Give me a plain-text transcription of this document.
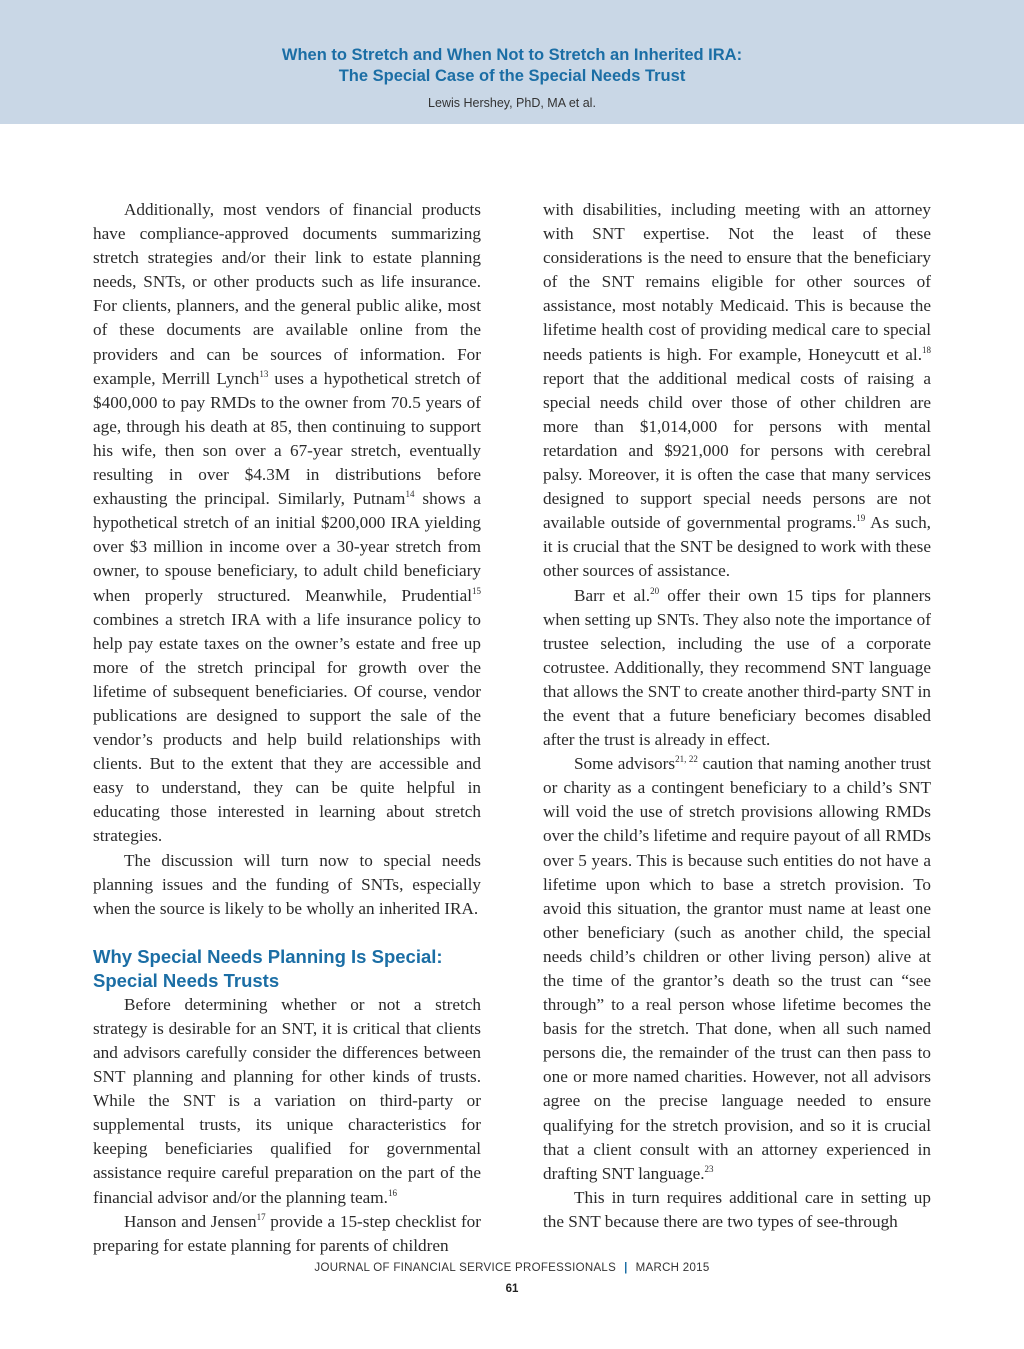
When to Stretch and When Not to Stretch an Inherited IRA:
The Special Case of the Special Needs Trust
Lewis Hershey, PhD, MA et al.

Additionally, most vendors of financial products have compliance-approved documents summarizing stretch strategies and/or their link to estate planning needs, SNTs, or other products such as life insurance. For clients, planners, and the general public alike, most of these documents are available online from the providers and can be sources of information. For example, Merrill Lynch$^{13}$ uses a hypothetical stretch of $400,000 to pay RMDs to the owner from 70.5 years of age, through his death at 85, then continuing to support his wife, then son over a 67-year stretch, eventually resulting in over $4.3M in distributions before exhausting the principal. Similarly, Putnam$^{14}$ shows a hypothetical stretch of an initial $200,000 IRA yielding over $3 million in income over a 30-year stretch from owner, to spouse beneficiary, to adult child beneficiary when properly structured. Meanwhile, Prudential$^{15}$ combines a stretch IRA with a life insurance policy to help pay estate taxes on the owner’s estate and free up more of the stretch principal for growth over the lifetime of subsequent beneficiaries. Of course, vendor publications are designed to support the sale of the vendor’s products and help build relationships with clients. But to the extent that they are accessible and easy to understand, they can be quite helpful in educating those interested in learning about stretch strategies.

The discussion will turn now to special needs planning issues and the funding of SNTs, especially when the source is likely to be wholly an inherited IRA.

Why Special Needs Planning Is Special:
Special Needs Trusts

Before determining whether or not a stretch strategy is desirable for an SNT, it is critical that clients and advisors carefully consider the differences between SNT planning and planning for other kinds of trusts. While the SNT is a variation on third-party or supplemental trusts, its unique characteristics for keeping beneficiaries qualified for governmental assistance require careful preparation on the part of the financial advisor and/or the planning team.$^{16}$

Hanson and Jensen$^{17}$ provide a 15-step checklist for preparing for estate planning for parents of children

with disabilities, including meeting with an attorney with SNT expertise. Not the least of these considerations is the need to ensure that the beneficiary of the SNT remains eligible for other sources of assistance, most notably Medicaid. This is because the lifetime health cost of providing medical care to special needs patients is high. For example, Honeycutt et al.$^{18}$ report that the additional medical costs of raising a special needs child over those of other children are more than $1,014,000 for persons with mental retardation and $921,000 for persons with cerebral palsy. Moreover, it is often the case that many services designed to support special needs persons are not available outside of governmental programs.$^{19}$ As such, it is crucial that the SNT be designed to work with these other sources of assistance.

Barr et al.$^{20}$ offer their own 15 tips for planners when setting up SNTs. They also note the importance of trustee selection, including the use of a corporate cotrustee. Additionally, they recommend SNT language that allows the SNT to create another third-party SNT in the event that a future beneficiary becomes disabled after the trust is already in effect.

Some advisors$^{21, 22}$ caution that naming another trust or charity as a contingent beneficiary to a child’s SNT will void the use of stretch provisions allowing RMDs over the child’s lifetime and require payout of all RMDs over 5 years. This is because such entities do not have a lifetime upon which to base a stretch provision. To avoid this situation, the grantor must name at least one other beneficiary (such as another child, the special needs child’s children or other living person) alive at the time of the grantor’s death so the trust can “see through” to a real person whose lifetime becomes the basis for the stretch. That done, when all such named persons die, the remainder of the trust can then pass to one or more named charities. However, not all advisors agree on the precise language needed to ensure qualifying for the stretch provision, and so it is crucial that a client consult with an attorney experienced in drafting SNT language.$^{23}$

This in turn requires additional care in setting up the SNT because there are two types of see-through

JOURNAL OF FINANCIAL SERVICE PROFESSIONALS | MARCH 2015
61
